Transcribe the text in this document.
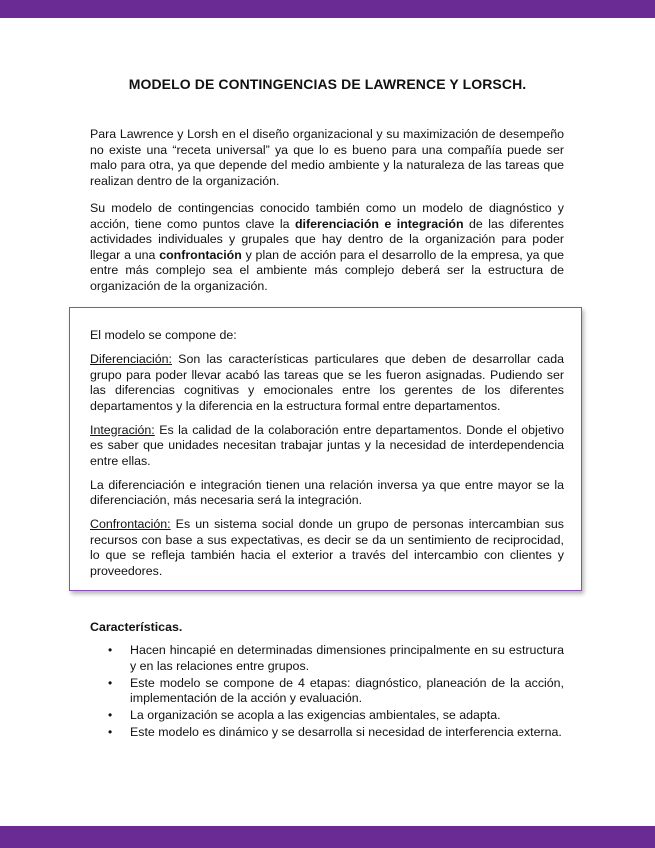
MODELO DE CONTINGENCIAS DE LAWRENCE Y LORSCH.

Para Lawrence y Lorsh en el diseño organizacional y su maximización de desempeño no existe una “receta universal” ya que lo es bueno para una compañía puede ser malo para otra, ya que depende del medio ambiente y la naturaleza de las tareas que realizan dentro de la organización.

Su modelo de contingencias conocido también como un modelo de diagnóstico y acción, tiene como puntos clave la diferenciación e integración de las diferentes actividades individuales y grupales que hay dentro de la organización para poder llegar a una confrontación y plan de acción para el desarrollo de la empresa, ya que entre más complejo sea el ambiente más complejo deberá ser la estructura de organización de la organización.

El modelo se compone de:

Diferenciación: Son las características particulares que deben de desarrollar cada grupo para poder llevar acabó las tareas que se les fueron asignadas. Pudiendo ser las diferencias cognitivas y emocionales entre los gerentes de los diferentes departamentos y la diferencia en la estructura formal entre departamentos.

Integración: Es la calidad de la colaboración entre departamentos. Donde el objetivo es saber que unidades necesitan trabajar juntas y la necesidad de interdependencia entre ellas.

La diferenciación e integración tienen una relación inversa ya que entre mayor se la diferenciación, más necesaria será la integración.

Confrontación: Es un sistema social donde un grupo de personas intercambian sus recursos con base a sus expectativas, es decir se da un sentimiento de reciprocidad, lo que se refleja también hacia el exterior a través del intercambio con clientes y proveedores.

Características.
• Hacen hincapié en determinadas dimensiones principalmente en su estructura y en las relaciones entre grupos.
• Este modelo se compone de 4 etapas: diagnóstico, planeación de la acción, implementación de la acción y evaluación.
• La organización se acopla a las exigencias ambientales, se adapta.
• Este modelo es dinámico y se desarrolla si necesidad de interferencia externa.
